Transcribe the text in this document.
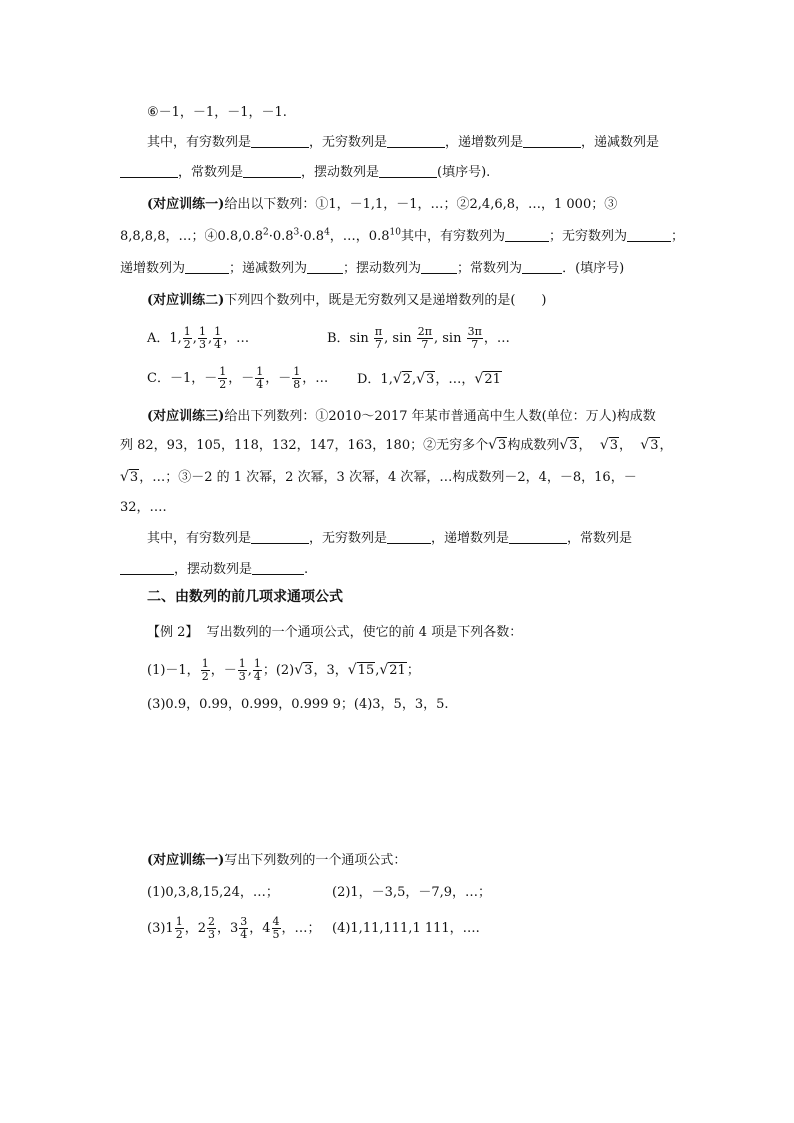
⑥－1，－1，－1，－1.
其中，有穷数列是	，无穷数列是	，递增数列是	，递减数列是
，常数列是	，摆动数列是	(填序号).
(对应训练一)给出以下数列：①1，－1,1，－1，…；②2,4,6,8，…，1 000；③
8,8,8,8，…；$④0.8,0.8^2\cdot 0.8^3\cdot 0.8^4$，…，$0.8^{10}$其中，有穷数列为	；无穷数列为	；
递增数列为	；递减数列为	；摆动数列为	；常数列为	．(填序号)
(对应训练二)下列四个数列中，既是无穷数列又是递增数列的是(　　)
A．1, $\frac{1}{2}$ , $\frac{1}{3}$ , $\frac{1}{4}$ ，…	B．$\sin \frac{\pi}{7}$ , $\sin \frac{2\pi}{7}$ , $\sin \frac{3\pi}{7}$ ，…
C．－1，－ $\frac{1}{2}$ ，－ $\frac{1}{4}$ ，－ $\frac{1}{8}$ ，… D．1,√2,√3，…，√21
(对应训练三)给出下列数列：①2010～2017 年某市普通高中生人数(单位：万人)构成数
列 82，93，105，118，132，147，163，180；②无穷多个√3构成数列√3， √3， √3，
√3，…；③－2 的 1 次幂，2 次幂，3 次幂，4 次幂，…构成数列－2，4，－8，16，－
32，….
其中，有穷数列是	，无穷数列是	，递增数列是	，常数列是
，摆动数列是	.
二、由数列的前几项求通项公式
【例 2】 写出数列的一个通项公式，使它的前 4 项是下列各数：
(1)－1， $\frac{1}{2}$ ，－ $\frac{1}{3}$ , $\frac{1}{4}$ ；(2)√3，3，√15,√21；
(3)0.9，0.99，0.999，0.999 9；(4)3，5，3，5.
(对应训练一)写出下列数列的一个通项公式：
(1)0,3,8,15,24，…；	(2)1，－3,5，－7,9，…；
$(3)1 \frac{1}{2}$ ，$2 \frac{2}{3}$ ，$3 \frac{3}{4}$ ，$4 \frac{4}{5}$ ，…； (4)1,11,111,1 111，….
